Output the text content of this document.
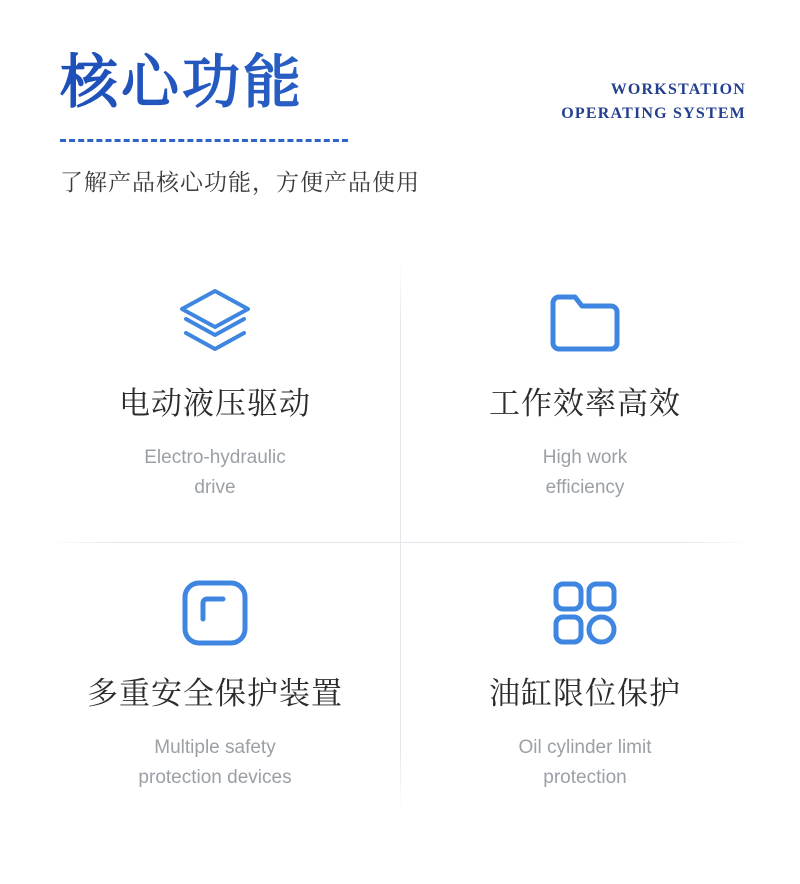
核心功能	WORKSTATION
OPERATING SYSTEM
了解产品核心功能，方便产品使用
电动液压驱动
Electro-hydraulic
drive
工作效率高效
High work
efficiency
多重安全保护装置
Multiple safety
protection devices
油缸限位保护
Oil cylinder limit
protection
